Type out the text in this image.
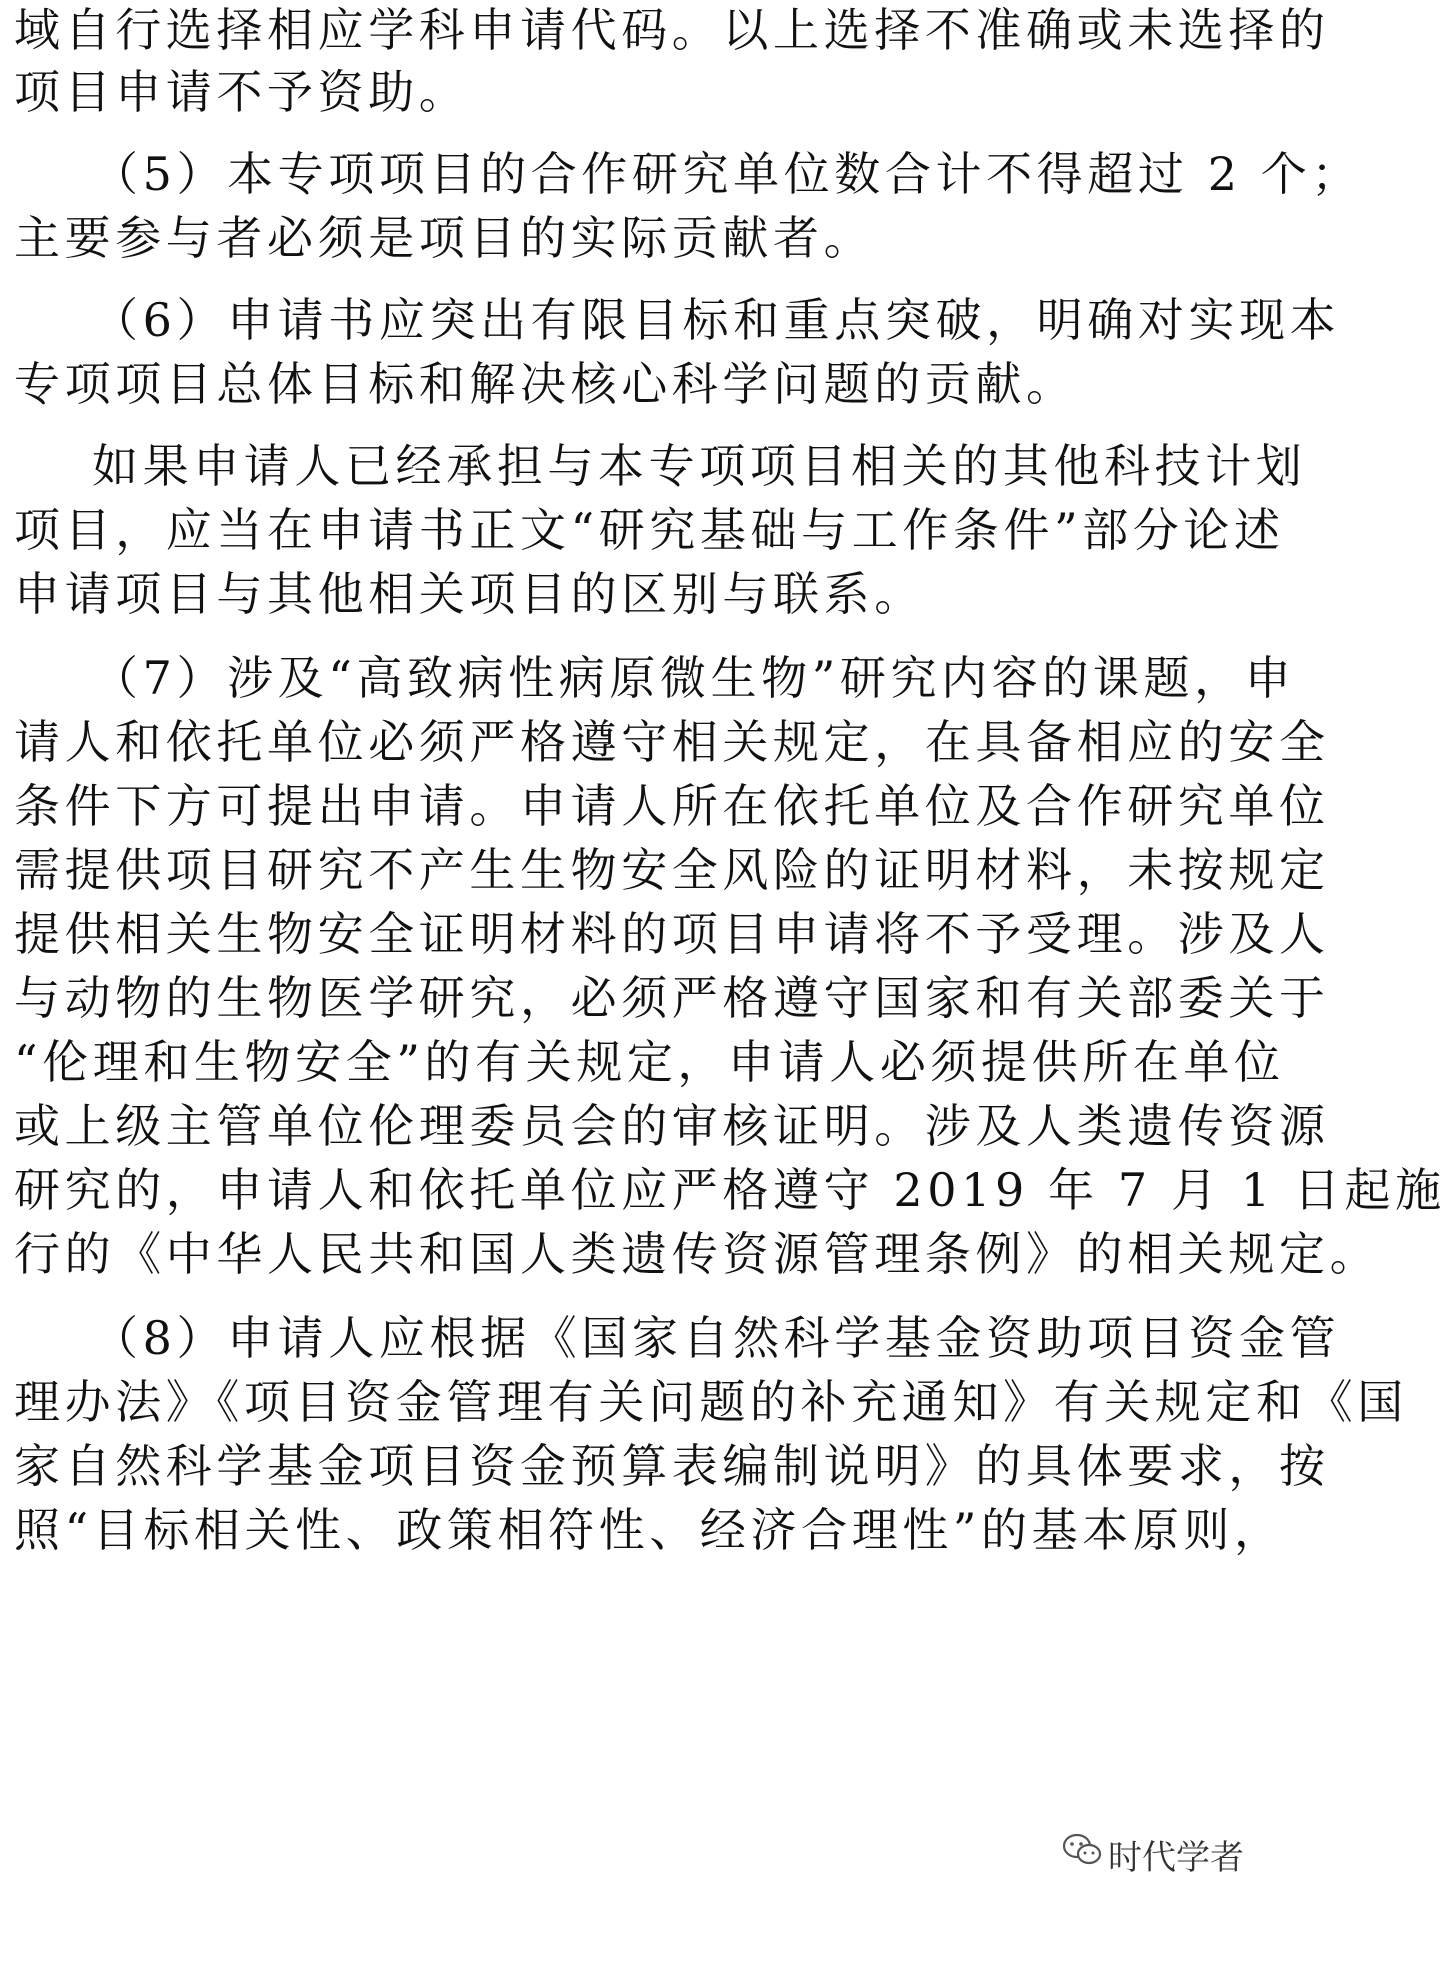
域自行选择相应学科申请代码。以上选择不准确或未选择的
项目申请不予资助。
（5）本专项项目的合作研究单位数合计不得超过 2 个；
主要参与者必须是项目的实际贡献者。
（6）申请书应突出有限目标和重点突破，明确对实现本
专项项目总体目标和解决核心科学问题的贡献。
如果申请人已经承担与本专项项目相关的其他科技计划
项目，应当在申请书正文“研究基础与工作条件”部分论述
申请项目与其他相关项目的区别与联系。
（7）涉及“高致病性病原微生物”研究内容的课题，申
请人和依托单位必须严格遵守相关规定，在具备相应的安全
条件下方可提出申请。申请人所在依托单位及合作研究单位
需提供项目研究不产生生物安全风险的证明材料，未按规定
提供相关生物安全证明材料的项目申请将不予受理。涉及人
与动物的生物医学研究，必须严格遵守国家和有关部委关于
“伦理和生物安全”的有关规定，申请人必须提供所在单位
或上级主管单位伦理委员会的审核证明。涉及人类遗传资源
研究的，申请人和依托单位应严格遵守 2019 年 7 月 1 日起施
行的《中华人民共和国人类遗传资源管理条例》的相关规定。
（8）申请人应根据《国家自然科学基金资助项目资金管
理办法》《项目资金管理有关问题的补充通知》有关规定和《国
家自然科学基金项目资金预算表编制说明》的具体要求，按
照“目标相关性、政策相符性、经济合理性”的基本原则，
时代学者
